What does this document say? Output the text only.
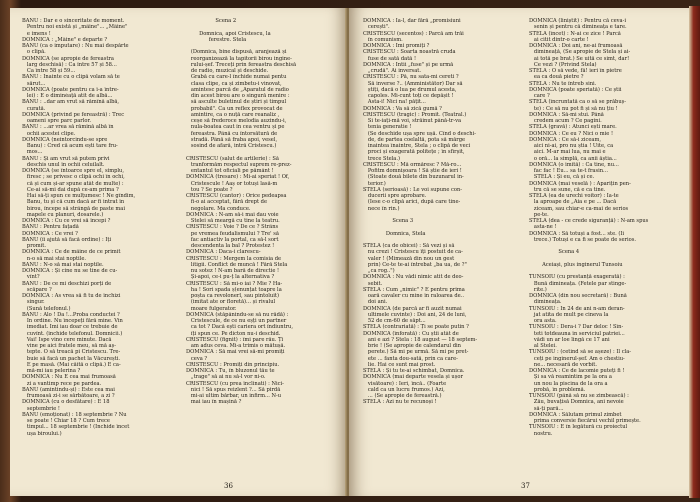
BANU : Dar e o sinceritate de moment.
Pentru noi există și „mâine"... „Mâine"
e imens !
DOMNICA : „Mâine" e departe ?
BANU (ca o imputare) : Nu mai despărte
o clipă.
DOMNICA (se apropie de fereastra
larg deschisă) : Ca între 57 și 58...
Ca între 58 și 59...
BANU : Înainte cu o clipă volam să te
sărut...
DOMNICA (poate pentru ca î-a între-
lei) : E o diminéață atît de albă...
BANU : ..dar am vrut să rămînă albă,
curată.
DOMNICA (privind pe fereastră) : Trec
oameni spre parc parlor.
BANU : ...ar vrea să rămînă albă în
ochii acestei clipe.
DOMNICA (neintorcindu-se spre
Banu) : Cred că acum ești tare fru-
mos...
BANU : Și am vrut să putem privi
deschis unul în ochii celuilalt.
DOMNICA (se întoarce spre el, simplu,
firesc ; se privesc o clipă ochi în ochi,
că și cum și-ar spune atât de multe) :
Ce-ai să-mi dai după ce-am prima ?
Hai să-ți spun ce mulțumesc ! Ne gîndim,
Banu, tu și că cum dacă ar fi intrat în
birou, începe să strângă de paste mai
mapele cu planuri, dosarele.)
DOMNICA : Cu ce vrei să începi ?
BANU : Pentru fațadă
DOMNICA : Ce vrei ?
BANU (îi ajută să facă ordine) : Îți
promit.
DOMNICA : Ce de mâine de ce primit
n-o să mai stai noptile.
BANU : N-o să mai stai noptile.
DOMNICA : Și cine nu se tine de cu-
vînt?
BANU : De ce mi deschizi porți de
scăpare ?
DOMNICA : As vrea să fi tu de închizi
singur.
(Sună telefonul.)
BANU : Alo ! Da !...Proba conductei ?
În ordine. Nu începeți fără mine. Vin
imediat. Imi iau doar ce trebuie de
cuvînt. (închide telefonul. Domnicii.)
Vai! Ispe vino cere minute. Dacă
vine pe aici fratele meu, să mă aș-
tepte. O să treacă pi Cristescu. Tre-
buie să facă un pachet la Văcurești.
E pe masă. (Mai căită o clipă.) E ca-
mă-mi iau pelerina ?
DOMNICA : Nu E cea mai frumoasă
zi a vantimp rece pe pardea.
BANU (amintindu-și) : Este cea mai
frumoasă zi-i se sărbătoare, a zi ?
DOMNICA (cu o desfătare) : E 18
septembrie !
BANU (emoționat) : 18 septembrie ? Nu
se poate ! Chiar 18 ? Cum trece
timpul... 18 septembrie ! (Închide încet
ușa biroului.)
Scena 2
Domnica, apoi Cristescu, la
ferestre. Stela
(Domnica, bine dispusă, aranjează și
reorganizează la tapitorii birou ingine-
rului-șef. Treceți prin fereastra deschisă
de radio, muzical și deschide.
Grabă cu care-l închide numai pentu
clasa clipe, ca și zimbetu-i vinovat,
amintesc parcă de „Aparatul de radio
din acest birou are o singură menire :
să asculte buletinul de știri și timpul
probabil". Ca un reflex provocat de
amintire, ca o nuță care reanaliz ,
ceșe să frederoce melodia auzindu-i,
nula-boatea caut în cea ventru și pe
fereastra. Până cu întorsătură de
stradă. Până să fraba apoi, vesel,
sosind de afară, intră Cristescu.)
CRISTESCU (salut de artilerie) : Să
tranformăm respectul suprem re-prez-
entantul tot oficiali pe pământ !
DOMNICA (tresare) : Mi-ai speriat ! Of,
Cristescule ! Aaș or totuși lasă-m
tou ? Se poate ?
CRISTESCU (cantor) : Orice pedeapsa
fi-o ai acceptat, fără drept de
negolare. Ma conduce.
DOMNICA : N-am să-i mai dau voie
Stelei să meargă cu tine la teatru.
CRISTESCU : Voie ? De ce ? Strâns
pe vremea feudalismului ? Tre' să
fac antiactiv la portal, ca să-l sort
descendenta la bal ? Protestez !
DOMNICA : Daca-i clarescu-
CRISTESCU : Mergem la comisia de
litigii. Conflict de muncă ! Fără Stela
nu sotez ! N-am bară de directie !
Și-apoi, ce-i pu-ț la alternativa ?
CRISTESCU : Să mi-o iai ? Mie ? Ha-
ha ! Sori spada ș(enunțat toapre la
poșta ca revolonerl, sau pintoluit)
(imitat ate or floretă)... și rivalul
moare fulgerator.
DOMNICA (stăpânindu-se să nu rădă) :
Cristescule, de ce nu eșți un partner
ca tot ? Dacă ești cariera ort îndiuntru,
îți spun ce. Pe dicton nu-i deschid.
CRISTESCU (fignit) : îmi pare rău. Ți
am adus ceva. Mi-a trimis o mătușă.
DOMNICA : Să mai vrei să-mi promiți
ceva ?
CRISTESCU : Promiți din principiu.
DOMNICA : Tu, în bluzonul tău te
„trage" să ai nu să-l vor ni-o.
CRISTESCU (cu prea înclinati) : Nici-
nici ! Să spus reizlent ?... Să pirdă
mi-ai ultim bărbar, un infirm... N-u
mai iau în mașină ?
36
DOMNICA : Ia-l, dar fără „promisiuni
cerești".
CRISTESCU (secentos) : Parcă am trăi
în comunism.
DOMNICA : Îmi promiți ?
CRISTESCU : Soarta noastră cruda
fuse de sată dată !
DOMNICA : Intii „fuse" și pe urmă
„crudă". Ai inversat.
CRISTESCU : Pă, nu sata-mi cereti ?
Să inverse ?.. (Amministător) Dar să
știți, dacă o lua pe drumul acesta,
capoles. Mi-cunt toți ce depășit !
Asta-i! Nici na! pățit...
DOMNICA : Va să zică gumă ?
CRISTESCU (tragic) : Promit. (Teatral.)
Si te-iați-mă voi, străinut până-tr-va
tenia generatie !
(Se deschide ușa spre ușă. Cînd o deschi-
de, de partea coelaltă, pota să mărge
inaintea înaintre, Stela ; o clipă de veci
proci și exagerată politețe ; în sfîrșit,
trece Stela.)
CRISTESCU : Mă ormăresc ? Mă-ro...
Pofitm domnișoara ! Să știe de ieri !
(Stoate două bilete din buzunarul in-
terior.)
STELA (serioasă) : Le voi supune con-
ducerii spre aprobare.
(Iese c-o clipă arici, după care tine-
nece în rin.)
Scena 3
Domnica, Stela
STELA (ca de obicei) : Să vezi și să
nu crezi ! Cristescu îți postuit de ca-
valer ! (Mimează din nou un gest
prin) Ce-te te-ai întrebat „ba ua, de ?"
„ca rog..")
DOMNICA : Nu vădi nimic atit de deo-
sebit.
STELA : Cum „nimic" ? E pentru prima
oară cavaler cu mine în raloarea de..
doi ani.
DOMNICA (de parcă ar fi auzit numai
ultimele cuvinte) : Doi ani, 24 de luni,
52 de cm-60 de săpt...
STELA (contrariată) : Ți se poate putin ?
DOMNICA (înforată) : Cu știi atât de
ani e azi ? Stela : 18 august — 18 septem-
brie ! (Se apropie de calendarul din
perete.) Să mi pe urmă. Să mi pe pret-
ete ... fanta dou-sată, prin ca care-
lie. Hai ce sunt mai prost.
STELA : Și tu te-ai schimbat, Domnica.
DOMNICA (mai departe vesela și ușor
visătoare) : Ieri, încă.. (Foarte
cald ca un lucru frumos.) Azi,
... (Se apropie de fereastră.)
STELA : Azi nu te recunoși !
DOMNICA (liniștit) : Pentru că ceva-i
senin și pentru că dimineața e tare.
STELA (încet) : N-ai ce zice ! Parcă
ai citit dintr-o carte !
DOMNICA : Doi ani, ne-ai frumoasă
dimineață, (Se apropie de Stela și ai-
ai totă pe brat.) Se uită ce simt, dar!
Ce vezi ? (Privind Stela)
STELA : O să vede, fă! ieri în pietre
ea ca două pietre ?
STELA : Nu te întreb sini.
DOMNICA (poate speriată) : Ce știi
care ?
STELA (încruntată ca o să se prăbuș-
te) : Ce să nu pot fi și să nu țiu !
DOMNICA : Să-mi stui. Până
credem acum ? Ce pagini.
STELA (gravă) : Atunci ești mare.
DOMNICA : Ce eu ? Nici o mie !
DOMNICA : Ce să-i ziceam,
aici ni-ai, pro nu știa ! Uite, ca
aici. M-ar mai lua, nu mai e
o oră... la simplă, ca anii ăștia...
DOMNICA (o imită) : Ca tine, nu...
fac fac ! Eu... sa te-t frasin...
STELA : Și eu, că și ce.
DOMNICA (mai veselă ) : Aparițin pen-
tru că se sune, că e ca tine.
STELA (ea de urechi voitor) : Ia-te
la aproape de „Aia e pe ... Dacă
ziceam, sau chiar-e ca-mai de serios
pe-te.
STELA (dea - ce crede siguranță) : N-am spus
asta-ne !
DOMNICA : Să totuși a fost... ste. (Îi
trece.) Totuși e ca fi se poate de serios.
Scena 4
Aceiași, plus inginerul Tunsoiu
TUNSOIU (cu prestanță exagerată) :
Bună dimineața. (Fetele par stinge-
rite.)
DOMNICA (din nou secretară) : Bună
dimineața.
TUNSOIU : În 24 de ani n-am deran-
jat atita de mult pe cineva la
ora asta.
TUNSOIU : Dera-i ? Dar deloc ! Sîn-
teti totdeauna în serviciul patriei...
vădi un ar loe lingă ce 17 ani
al Stelei.
TUNSOIU : (cetind să se așeze) : Îl cla-
ceți pe inginerul-șef. Am o chestiu-
ne... necesară de vorbit.
DOMNICA : Ce de lacomie puteți fi !
Și sa vă reamintim pe la ora a
un nou la piscina de la ora a
probă, în problemă.
TUNSOIU (până să nu se zimbească) :
Zău, buvațisă Domnica, ani nevoie
să-ți pară...
DOMNICA : Sălutam primul zimbet
prima conversie fiecărui vechil primește.
TUNSOIU : E în legătură cu proiectul
nostru.
37
